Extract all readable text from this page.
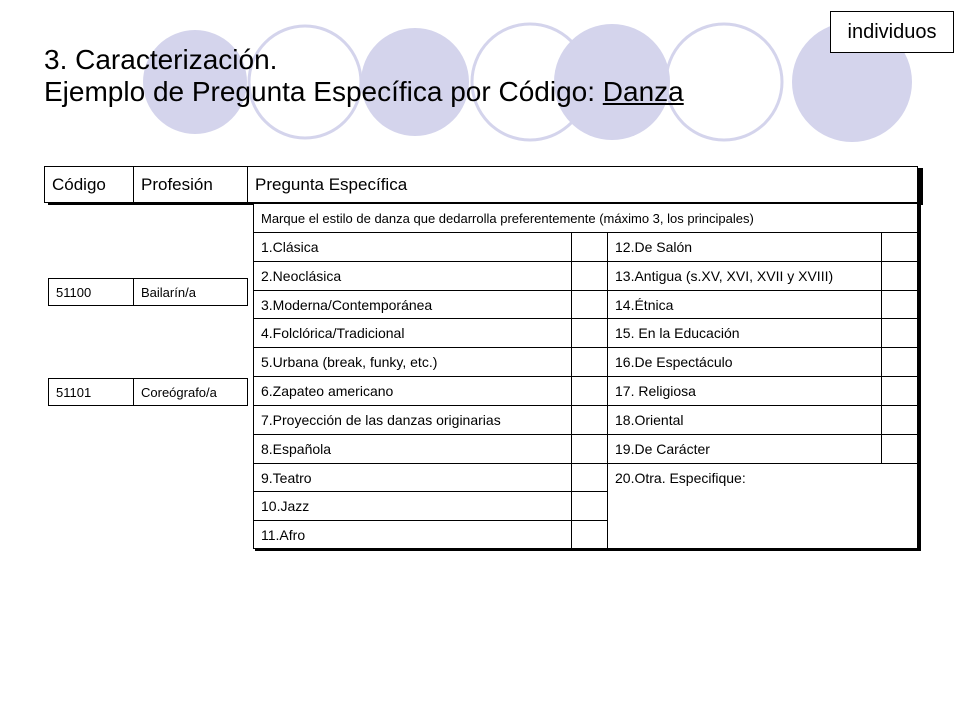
individuos
3. Caracterización.
Ejemplo de Pregunta Específica por Código: Danza
Código	Profesión	Pregunta Específica
Marque el estilo de danza que dedarrolla preferentemente (máximo 3, los principales)
51100	Bailarín/a
51101	Coreógrafo/a
1.Clásica
2.Neoclásica
3.Moderna/Contemporánea
4.Folclórica/Tradicional
5.Urbana (break, funky, etc.)
6.Zapateo americano
7.Proyección de las danzas originarias
8.Española
9.Teatro
10.Jazz
11.Afro
12.De Salón
13.Antigua (s.XV, XVI, XVII y XVIII)
14.Étnica
15. En la Educación
16.De Espectáculo
17. Religiosa
18.Oriental
19.De Carácter
20.Otra. Especifique:
